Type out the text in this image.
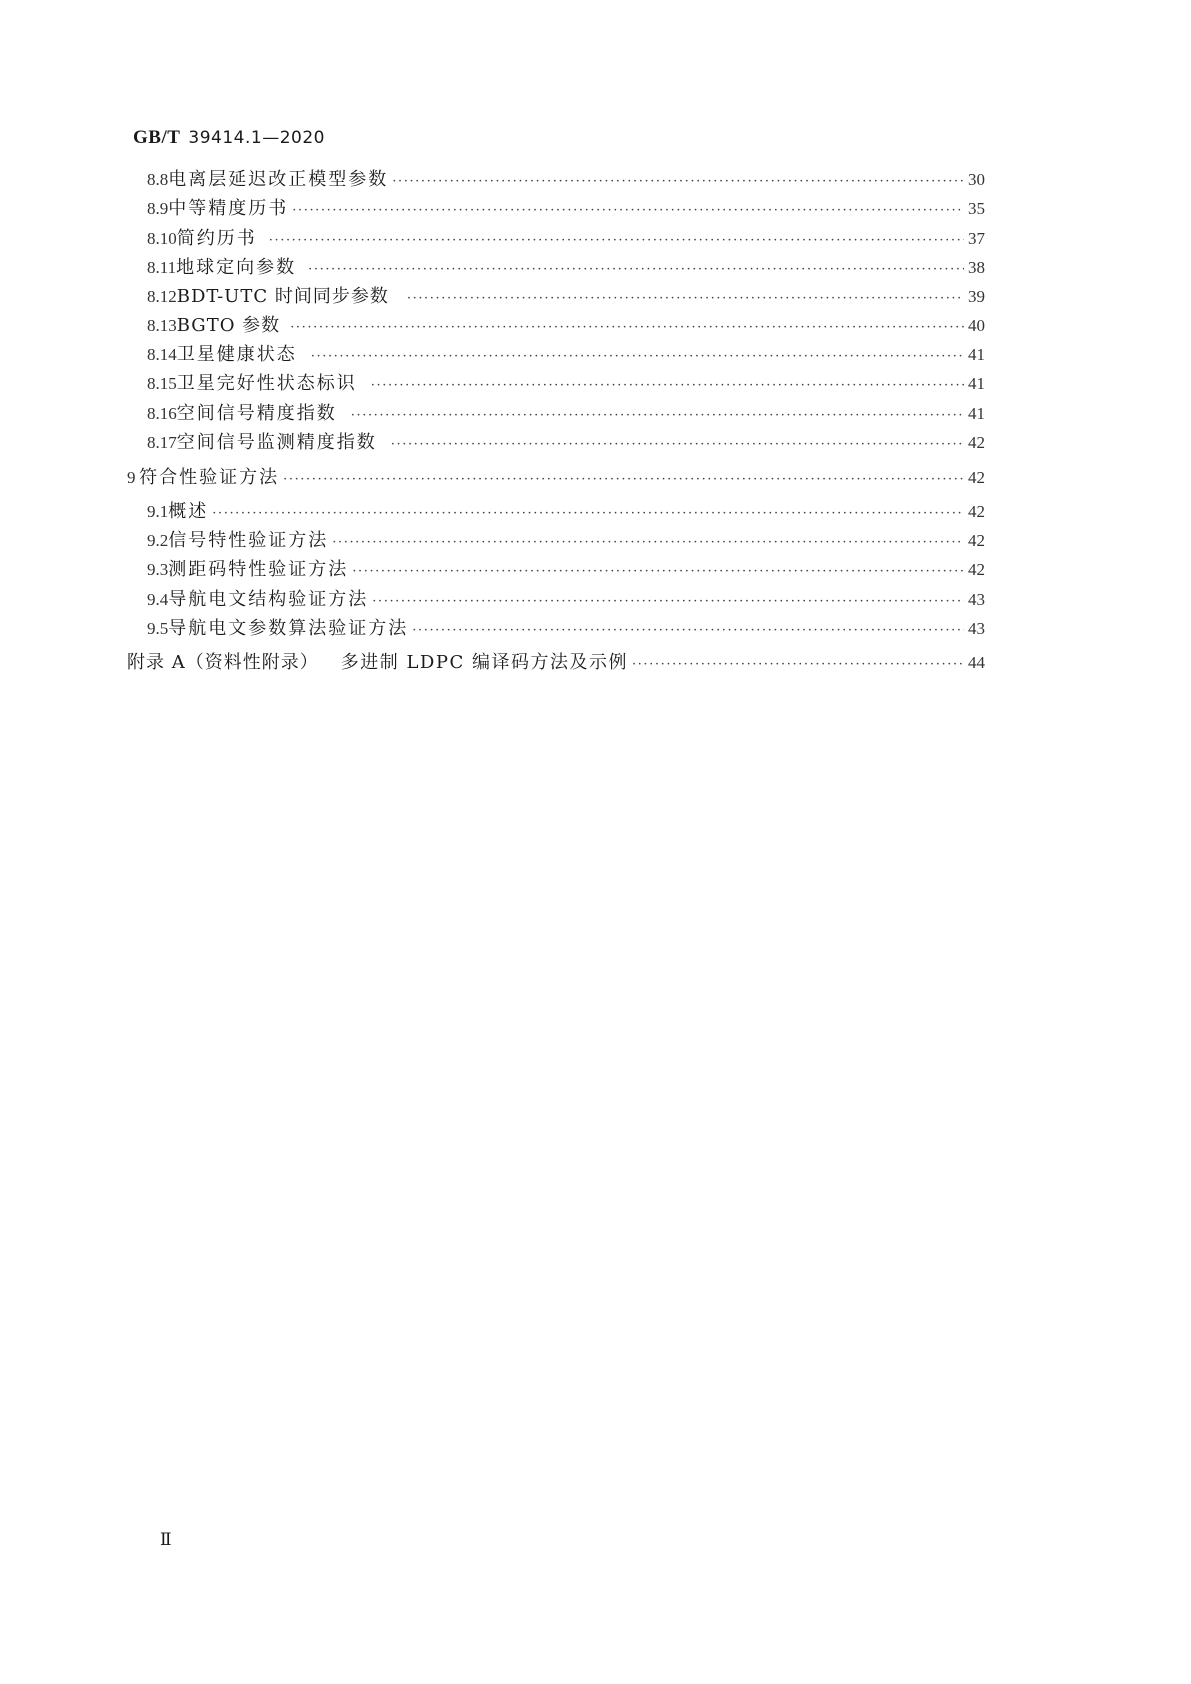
GB/T 39414.1—2020
8.8 电离层延迟改正模型参数 ·····	30
8.9 中等精度历书 ·····	35
8.10 简约历书 ·····	37
8.11 地球定向参数 ·····	38
8.12 BDT-UTC 时间同步参数 ·····	39
8.13 BGTO 参数 ·····	40
8.14 卫星健康状态 ·····	41
8.15 卫星完好性状态标识 ·····	41
8.16 空间信号精度指数 ·····	41
8.17 空间信号监测精度指数 ·····	42
9 符合性验证方法 ·····	42
9.1 概述 ·····	42
9.2 信号特性验证方法 ·····	42
9.3 测距码特性验证方法 ·····	42
9.4 导航电文结构验证方法 ·····	43
9.5 导航电文参数算法验证方法 ·····	43
附录 A（资料性附录） 多进制 LDPC 编译码方法及示例 ·····	44
Ⅱ
